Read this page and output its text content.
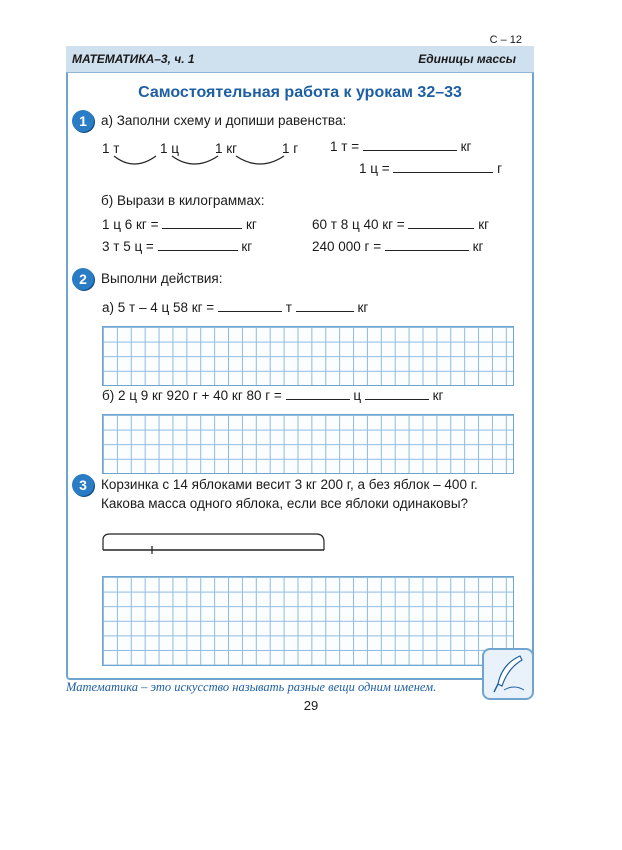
С – 12
МАТЕМАТИКА–3, ч. 1	Единицы массы
Самостоятельная работа к урокам 32–33
1	а) Заполни схему и допиши равенства:
1 т	1 ц	1 кг	1 г 1 т =	кг
1 ц =	г
б) Вырази в килограммах:
1 ц 6 кг =	кг	60 т 8 ц 40 кг =	кг
3 т 5 ц =	кг	240 000 г =	кг
2	Выполни действия:
а) 5 т – 4 ц 58 кг =	т	кг
б) 2 ц 9 кг 920 г + 40 кг 80 г =	ц	кг
3	Корзинка с 14 яблоками весит 3 кг 200 г, а без яблок – 400 г.
Какова масса одного яблока, если все яблоки одинаковы?
Математика – это искусство называть разные вещи одним именем.
29
